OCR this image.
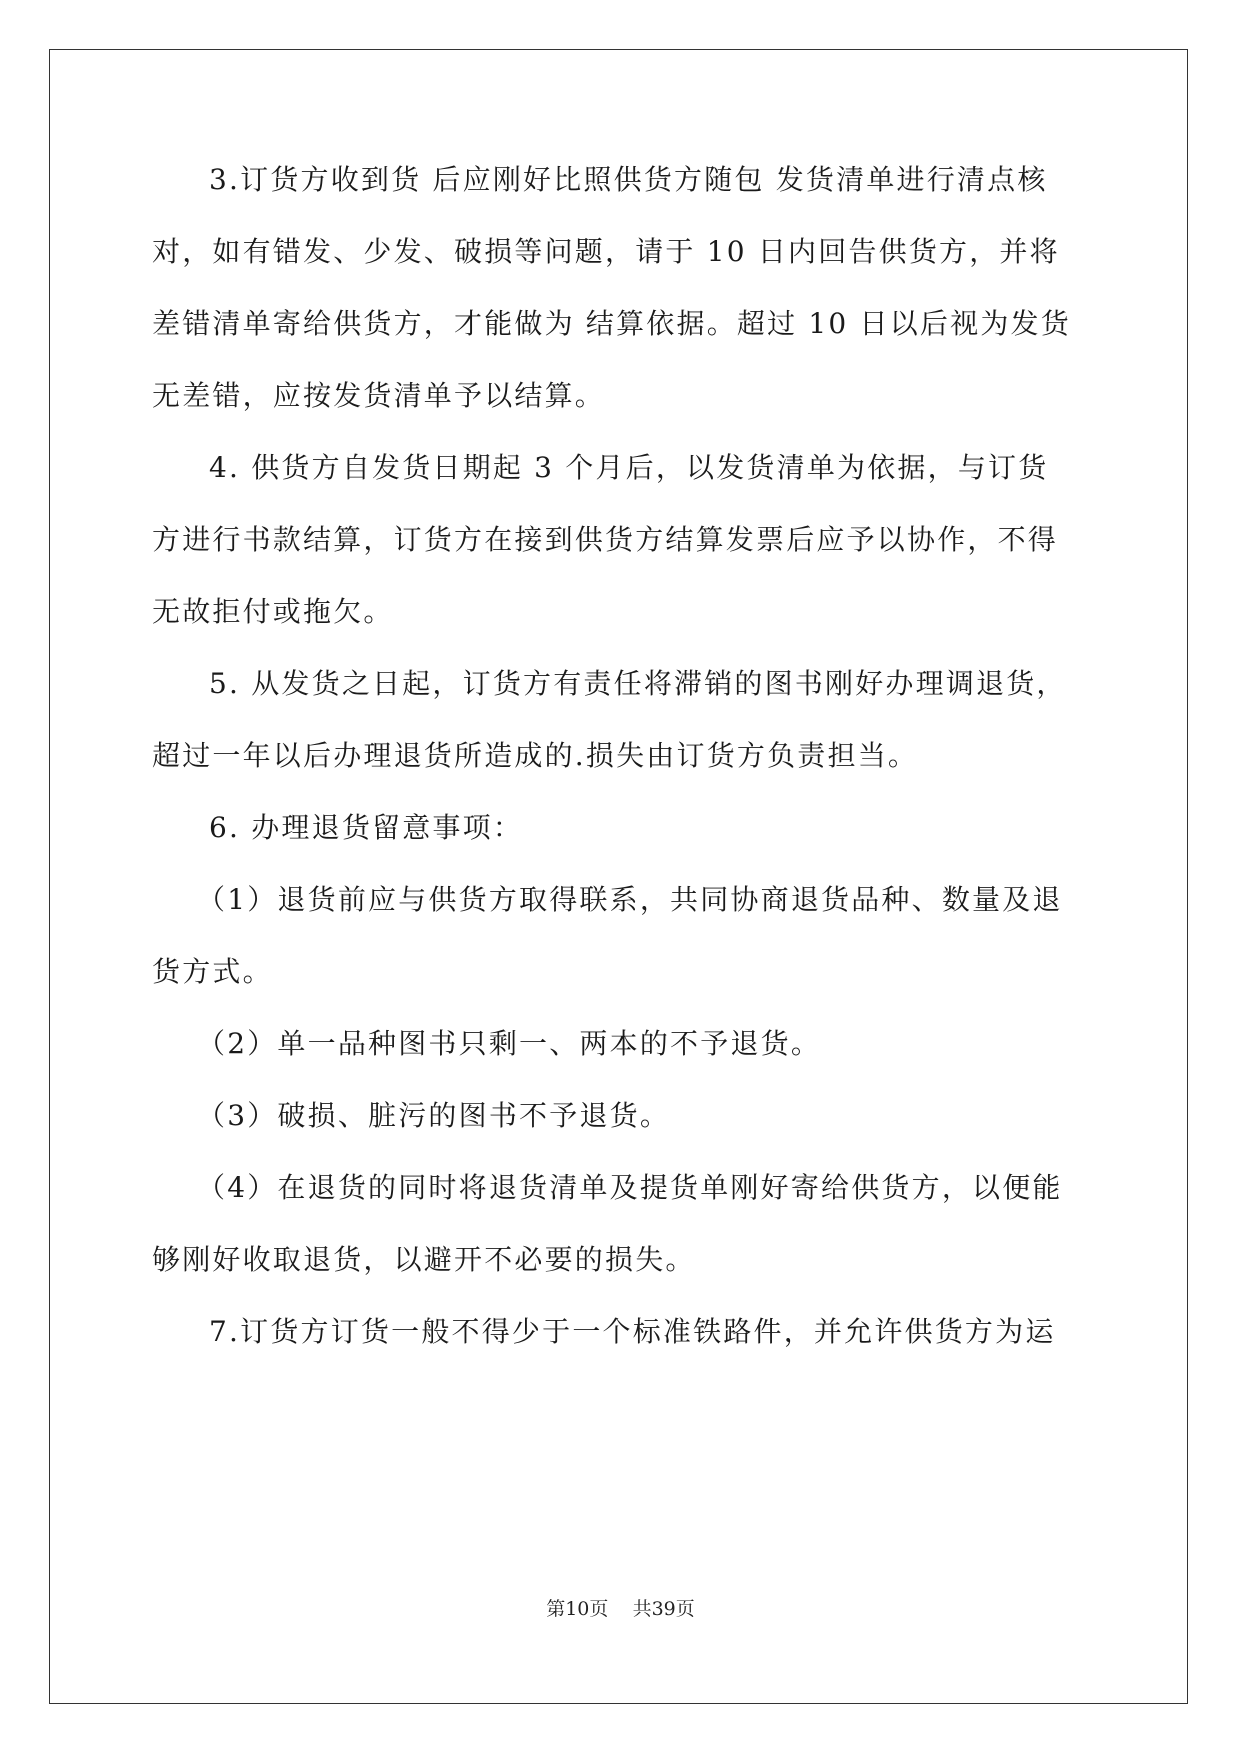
3.订货方收到货 后应刚好比照供货方随包 发货清单进行清点核
对，如有错发、少发、破损等问题，请于 10 日内回告供货方，并将
差错清单寄给供货方，才能做为 结算依据。超过 10 日以后视为发货
无差错，应按发货清单予以结算。
4. 供货方自发货日期起 3 个月后，以发货清单为依据，与订货
方进行书款结算，订货方在接到供货方结算发票后应予以协作，不得
无故拒付或拖欠。
5. 从发货之日起，订货方有责任将滞销的图书刚好办理调退货，
超过一年以后办理退货所造成的.损失由订货方负责担当。
6. 办理退货留意事项：
（1）退货前应与供货方取得联系，共同协商退货品种、数量及退
货方式。
（2）单一品种图书只剩一、两本的不予退货。
（3）破损、脏污的图书不予退货。
（4）在退货的同时将退货清单及提货单刚好寄给供货方，以便能
够刚好收取退货，以避开不必要的损失。
7.订货方订货一般不得少于一个标准铁路件，并允许供货方为运
第10页 共39页
